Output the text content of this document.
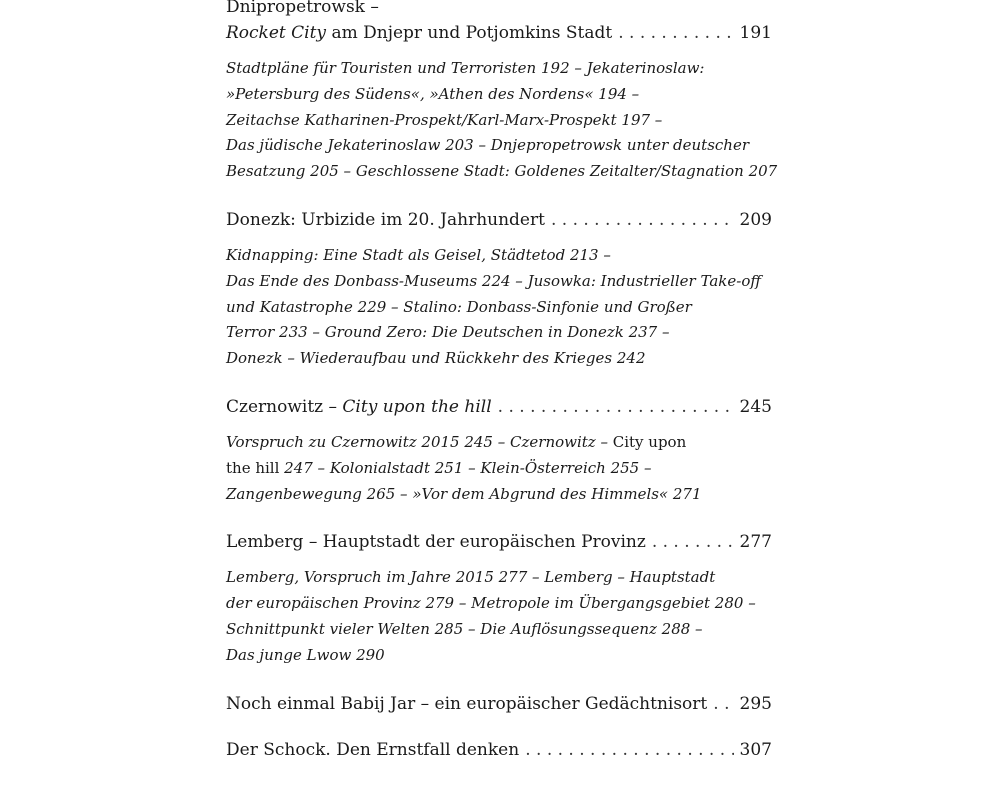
Dnipropetrowsk –
Rocket City am Dnjepr und Potjomkins Stadt . . .	191
Stadtpläne für Touristen und Terroristen 192 – Jekaterinoslaw:
»Petersburg des Südens«, »Athen des Nordens« 194 –
Zeitachse Katharinen-Prospekt/Karl-Marx-Prospekt 197 –
Das jüdische Jekaterinoslaw 203 – Dnjepropetrowsk unter deutscher
Besatzung 205 – Geschlossene Stadt: Goldenes Zeitalter/Stagnation 207
Donezk: Urbizide im 20. Jahrhundert . . .	209
Kidnapping: Eine Stadt als Geisel, Städtetod 213 –
Das Ende des Donbass-Museums 224 – Jusowka: Industrieller Take-off
und Katastrophe 229 – Stalino: Donbass-Sinfonie und Großer
Terror 233 – Ground Zero: Die Deutschen in Donezk 237 –
Donezk – Wiederaufbau und Rückkehr des Krieges 242
Czernowitz – City upon the hill . . .	245
Vorspruch zu Czernowitz 2015 245 – Czernowitz – City upon
the hill 247 – Kolonialstadt 251 – Klein-Österreich 255 –
Zangenbewegung 265 – »Vor dem Abgrund des Himmels« 271
Lemberg – Hauptstadt der europäischen Provinz . . .	277
Lemberg, Vorspruch im Jahre 2015 277 – Lemberg – Hauptstadt
der europäischen Provinz 279 – Metropole im Übergangsgebiet 280 –
Schnittpunkt vieler Welten 285 – Die Auflösungssequenz 288 –
Das junge Lwow 290
Noch einmal Babij Jar – ein europäischer Gedächtnisort . . . 295
Der Schock. Den Ernstfall denken . . .	307
